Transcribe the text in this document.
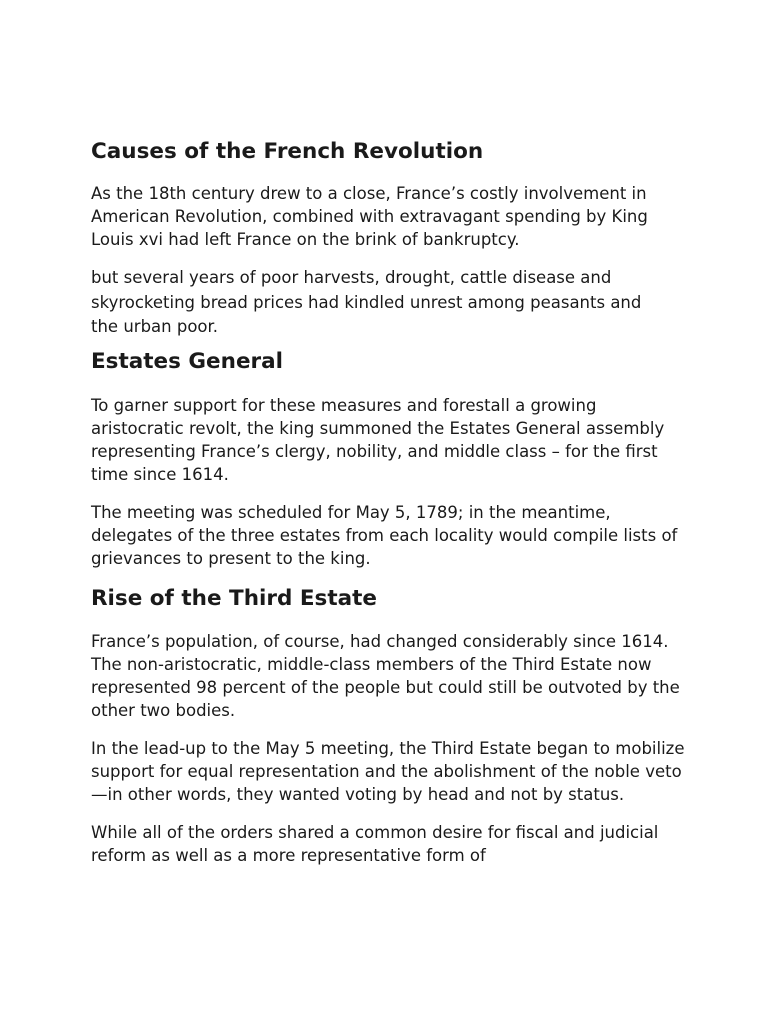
Causes of the French Revolution

As the 18th century drew to a close, France’s costly involvement in American Revolution, combined with extravagant spending by King Louis xvi had left France on the brink of bankruptcy.

but several years of poor harvests, drought, cattle disease and skyrocketing bread prices had kindled unrest among peasants and the urban poor.

Estates General

To garner support for these measures and forestall a growing aristocratic revolt, the king summoned the Estates General assembly representing France’s clergy, nobility, and middle class – for the first time since 1614.

The meeting was scheduled for May 5, 1789; in the meantime, delegates of the three estates from each locality would compile lists of grievances to present to the king.

Rise of the Third Estate

France’s population, of course, had changed considerably since 1614. The non-aristocratic, middle-class members of the Third Estate now represented 98 percent of the people but could still be outvoted by the other two bodies.

In the lead-up to the May 5 meeting, the Third Estate began to mobilize support for equal representation and the abolishment of the noble veto—in other words, they wanted voting by head and not by status.

While all of the orders shared a common desire for fiscal and judicial reform as well as a more representative form of
